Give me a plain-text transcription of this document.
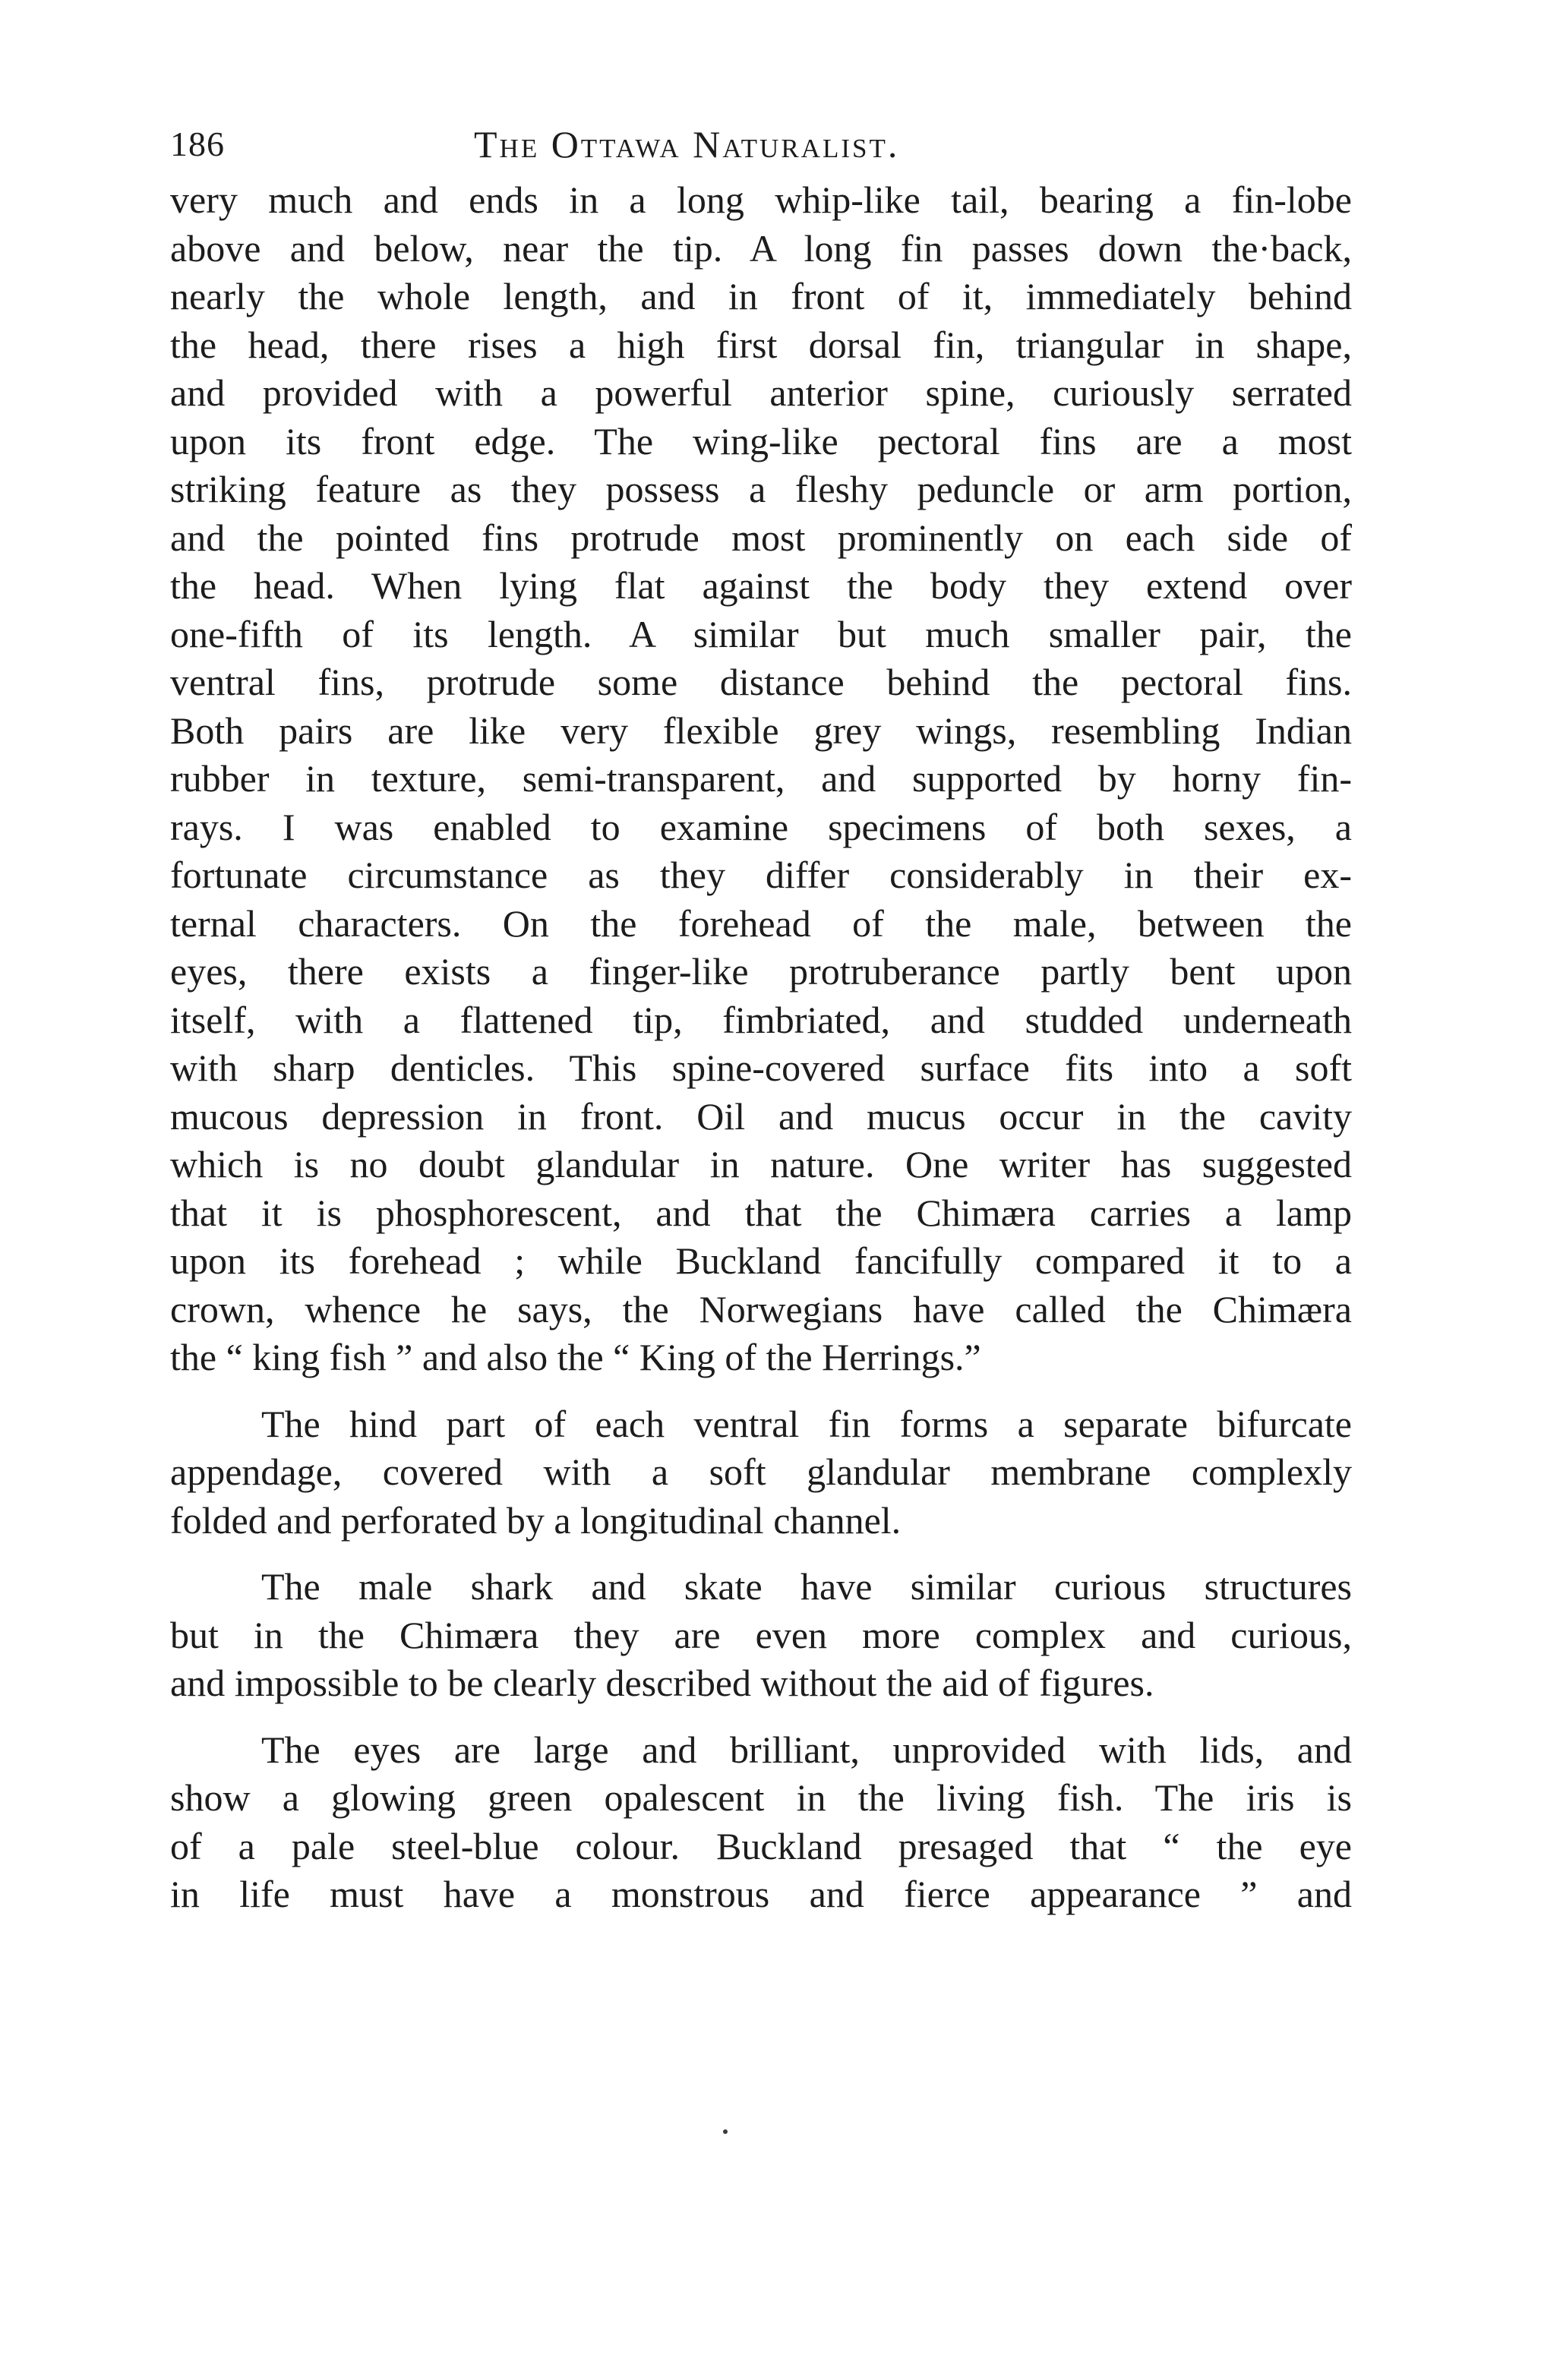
186	The Ottawa Naturalist.
very much and ends in a long whip-like tail, bearing a fin-lobe
above and below, near the tip. A long fin passes down the·back,
nearly the whole length, and in front of it, immediately behind
the head, there rises a high first dorsal fin, triangular in shape,
and provided with a powerful anterior spine, curiously serrated
upon its front edge. The wing-like pectoral fins are a most
striking feature as they possess a fleshy peduncle or arm portion,
and the pointed fins protrude most prominently on each side of
the head. When lying flat against the body they extend over
one-fifth of its length. A similar but much smaller pair, the
ventral fins, protrude some distance behind the pectoral fins.
Both pairs are like very flexible grey wings, resembling Indian
rubber in texture, semi-transparent, and supported by horny fin-
rays. I was enabled to examine specimens of both sexes, a
fortunate circumstance as they differ considerably in their ex-
ternal characters. On the forehead of the male, between the
eyes, there exists a finger-like protruberance partly bent upon
itself, with a flattened tip, fimbriated, and studded underneath
with sharp denticles. This spine-covered surface fits into a soft
mucous depression in front. Oil and mucus occur in the cavity
which is no doubt glandular in nature. One writer has suggested
that it is phosphorescent, and that the Chimæra carries a lamp
upon its forehead ; while Buckland fancifully compared it to a
crown, whence he says, the Norwegians have called the Chimæra
the “ king fish ” and also the “ King of the Herrings.”
The hind part of each ventral fin forms a separate bifurcate
appendage, covered with a soft glandular membrane complexly
folded and perforated by a longitudinal channel.
The male shark and skate have similar curious structures
but in the Chimæra they are even more complex and curious,
and impossible to be clearly described without the aid of figures.
The eyes are large and brilliant, unprovided with lids, and
show a glowing green opalescent in the living fish. The iris is
of a pale steel-blue colour. Buckland presaged that “ the eye
in life must have a monstrous and fierce appearance ” and
